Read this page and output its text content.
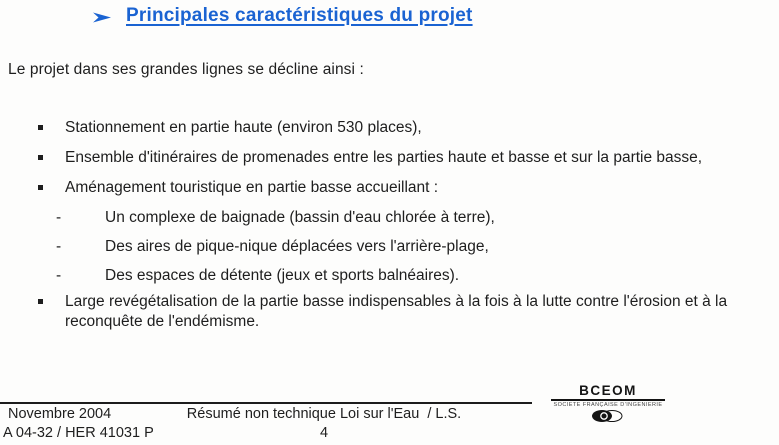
Principales caractéristiques du projet
Le projet dans ses grandes lignes se décline ainsi :
Stationnement en partie haute (environ 530 places),
Ensemble d'itinéraires de promenades entre les parties haute et basse et sur la partie basse,
Aménagement touristique en partie basse accueillant :
-	Un complexe de baignade (bassin d'eau chlorée à terre),
-	Des aires de pique-nique déplacées vers l'arrière-plage,
-	Des espaces de détente (jeux et sports balnéaires).
Large revégétalisation de la partie basse indispensables à la fois à la lutte contre l'érosion et à la reconquête de l'endémisme.
BCEOM
SOCIÉTÉ FRANÇAISE D'INGÉNIERIE
Novembre 2004	Résumé non technique Loi sur l'Eau  / L.S.
A 04-32 / HER 41031 P	4
